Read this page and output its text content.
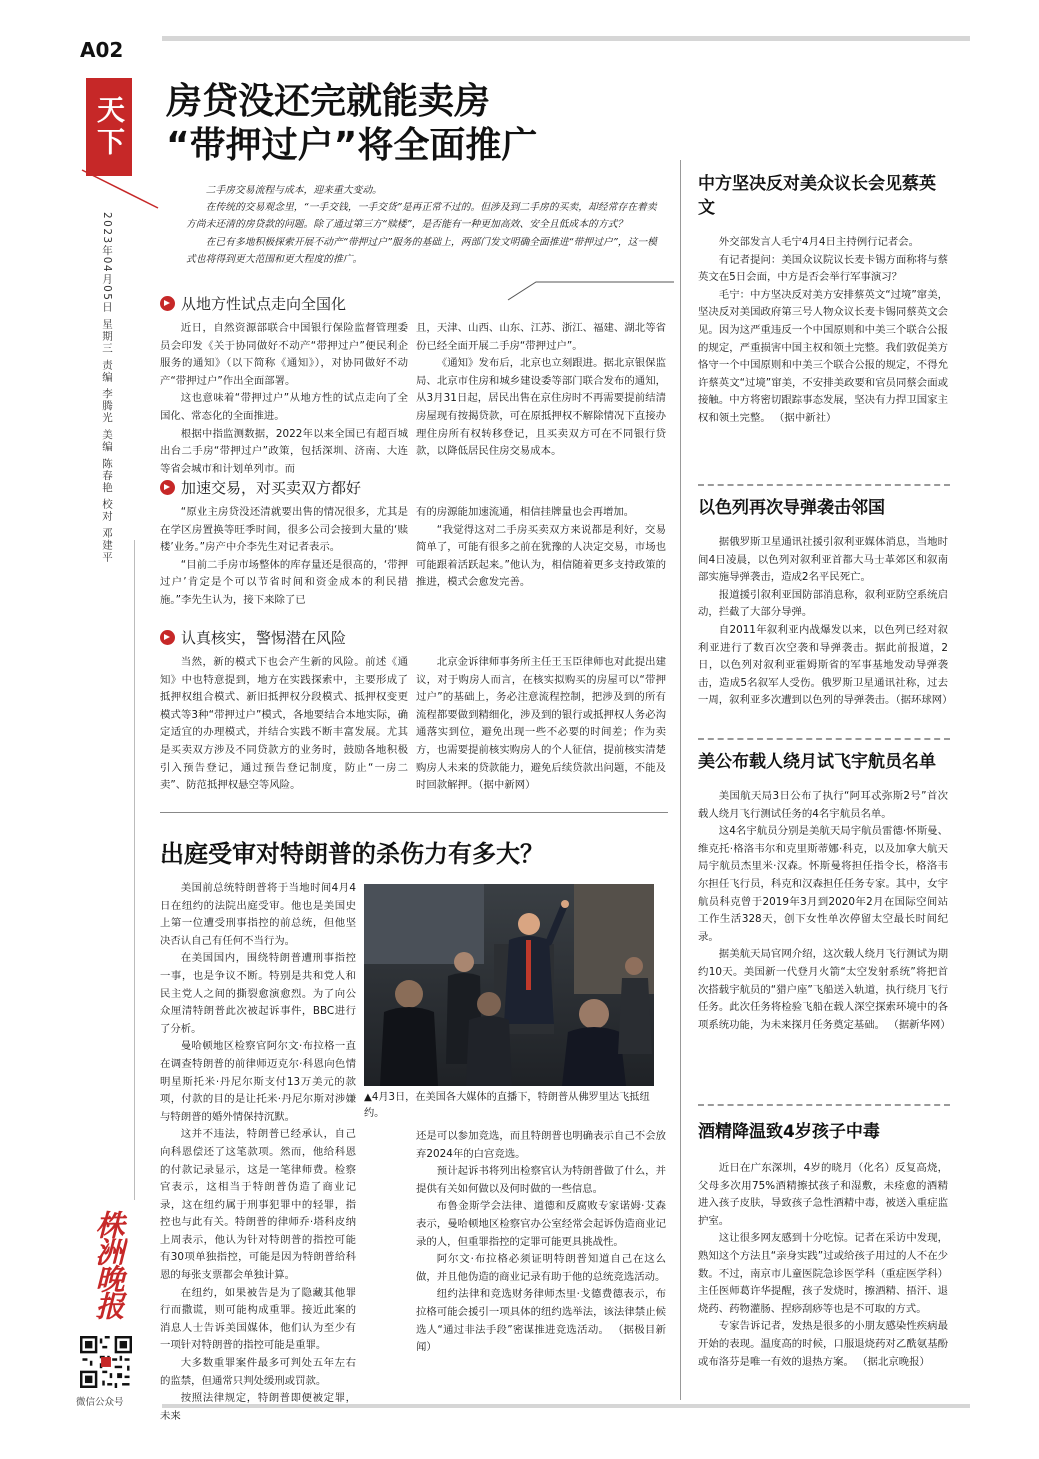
A02
天下
2023年04月05日 星期三 责编 李腾光 美编 陈春艳 校对 邓建平
株洲晚报
微信公众号
房贷没还完就能卖房
“带押过户”将全面推广

二手房交易流程与成本，迎来重大变动。

在传统的交易观念里，“一手交钱，一手交货”是再正常不过的。但涉及到二手房的买卖，却经常存在着卖方尚未还清的房贷款的问题。除了通过第三方“赎楼”，是否能有一种更加高效、安全且低成本的方式？

在已有多地积极探索开展不动产“带押过户”服务的基础上，两部门发文明确全面推进“带押过户”，这一模式也将得到更大范围和更大程度的推广。

从地方性试点走向全国化

近日，自然资源部联合中国银行保险监督管理委员会印发《关于协同做好不动产“带押过户”便民利企服务的通知》（以下简称《通知》），对协同做好不动产“带押过户”作出全面部署。

这也意味着“带押过户”从地方性的试点走向了全国化、常态化的全面推进。

根据中指监测数据，2022年以来全国已有超百城出台二手房“带押过户”政策，包括深圳、济南、大连等省会城市和计划单列市。而

且，天津、山西、山东、江苏、浙江、福建、湖北等省份已经全面开展二手房“带押过户”。

《通知》发布后，北京也立刻跟进。据北京银保监局、北京市住房和城乡建设委等部门联合发布的通知，从3月31日起，居民出售在京住房时不再需要提前结清房屋现有按揭贷款，可在原抵押权不解除情况下直接办理住房所有权转移登记，且买卖双方可在不同银行贷款，以降低居民住房交易成本。

加速交易，对买卖双方都好

“原业主房贷没还清就要出售的情况很多，尤其是在学区房置换等旺季时间，很多公司会接到大量的‘赎楼’业务。”房产中介李先生对记者表示。

“目前二手房市场整体的库存量还是很高的，‘带押过户’肯定是个可以节省时间和资金成本的利民措施。”李先生认为，接下来除了已

有的房源能加速流通，相信挂牌量也会再增加。

“我觉得这对二手房买卖双方来说都是利好，交易简单了，可能有很多之前在犹豫的人决定交易，市场也可能跟着活跃起来。”他认为，相信随着更多支持政策的推进，模式会愈发完善。

认真核实，警惕潜在风险

当然，新的模式下也会产生新的风险。前述《通知》中也特意提到，地方在实践探索中，主要形成了抵押权组合模式、新旧抵押权分段模式、抵押权变更模式等3种“带押过户”模式，各地要结合本地实际，确定适宜的办理模式，并结合实践不断丰富发展。尤其是买卖双方涉及不同贷款方的业务时，鼓励各地积极引入预告登记，通过预告登记制度，防止“一房二卖”、防范抵押权悬空等风险。

北京金诉律师事务所主任王玉臣律师也对此提出建议，对于购房人而言，在核实拟购买的房屋可以“带押过户”的基础上，务必注意流程控制，把涉及到的所有流程都要做到精细化，涉及到的银行或抵押权人务必沟通落实到位，避免出现一些不必要的时间差；作为卖方，也需要提前核实购房人的个人征信，提前核实清楚购房人未来的贷款能力，避免后续贷款出问题，不能及时回款解押。（据中新网）

出庭受审对特朗普的杀伤力有多大？

美国前总统特朗普将于当地时间4月4日在纽约的法院出庭受审。他也是美国史上第一位遭受刑事指控的前总统，但他坚决否认自己有任何不当行为。

在美国国内，围绕特朗普遭刑事指控一事，也是争议不断。特别是共和党人和民主党人之间的撕裂愈演愈烈。为了向公众厘清特朗普此次被起诉事件，BBC进行了分析。

曼哈顿地区检察官阿尔文·布拉格一直在调查特朗普的前律师迈克尔·科恩向色情明星斯托米·丹尼尔斯支付13万美元的款项，付款的目的是让托米·丹尼尔斯对涉嫌与特朗普的婚外情保持沉默。

这并不违法，特朗普已经承认，自己向科恩偿还了这笔款项。然而，他给科恩的付款记录显示，这是一笔律师费。检察官表示，这相当于特朗普伪造了商业记录，这在纽约属于刑事犯罪中的轻罪，指控也与此有关。特朗普的律师乔·塔科皮纳上周表示，他认为针对特朗普的指控可能有30项单独指控，可能是因为特朗普给科恩的每张支票都会单独计算。

在纽约，如果被告是为了隐藏其他罪行而撒谎，则可能构成重罪。接近此案的消息人士告诉美国媒体，他们认为至少有一项针对特朗普的指控可能是重罪。

大多数重罪案件最多可判处五年左右的监禁，但通常只判处缓刑或罚款。

按照法律规定，特朗普即便被定罪，未来

▲4月3日，在美国各大媒体的直播下，特朗普从佛罗里达飞抵纽约。

还是可以参加竞选，而且特朗普也明确表示自己不会放弃2024年的白宫竞选。

预计起诉书将列出检察官认为特朗普做了什么，并提供有关如何做以及何时做的一些信息。

布鲁金斯学会法律、道德和反腐败专家诺姆·艾森表示，曼哈顿地区检察官办公室经常会起诉伪造商业记录的人，但重罪指控的定罪可能更具挑战性。

阿尔文·布拉格必须证明特朗普知道自己在这么做，并且他伪造的商业记录有助于他的总统竞选活动。

纽约法律和竞选财务律师杰里·戈德费德表示，布拉格可能会援引一项具体的纽约选举法，该法律禁止候选人“通过非法手段”密谋推进竞选活动。 （据极目新闻）

中方坚决反对美众议长会见蔡英文

外交部发言人毛宁4月4日主持例行记者会。

有记者提问：美国众议院议长麦卡锡方面称将与蔡英文在5日会面，中方是否会举行军事演习？

毛宁：中方坚决反对美方安排蔡英文“过境”窜美，坚决反对美国政府第三号人物众议长麦卡锡同蔡英文会见。因为这严重违反一个中国原则和中美三个联合公报的规定，严重损害中国主权和领土完整。我们敦促美方恪守一个中国原则和中美三个联合公报的规定，不得允许蔡英文“过境”窜美，不安排美政要和官员同蔡会面或接触。中方将密切跟踪事态发展，坚决有力捍卫国家主权和领土完整。 （据中新社）

以色列再次导弹袭击邻国

据俄罗斯卫星通讯社援引叙利亚媒体消息，当地时间4日凌晨，以色列对叙利亚首都大马士革郊区和叙南部实施导弹袭击，造成2名平民死亡。

报道援引叙利亚国防部消息称，叙利亚防空系统启动，拦截了大部分导弹。

自2011年叙利亚内战爆发以来，以色列已经对叙利亚进行了数百次空袭和导弹袭击。据此前报道，2日，以色列对叙利亚霍姆斯省的军事基地发动导弹袭击，造成5名叙军人受伤。俄罗斯卫星通讯社称，过去一周，叙利亚多次遭到以色列的导弹袭击。（据环球网）

美公布载人绕月试飞宇航员名单

美国航天局3日公布了执行“阿耳忒弥斯2号”首次载人绕月飞行测试任务的4名宇航员名单。

这4名宇航员分别是美航天局宇航员雷德·怀斯曼、维克托·格洛韦尔和克里斯蒂娜·科克，以及加拿大航天局宇航员杰里米·汉森。怀斯曼将担任指令长，格洛韦尔担任飞行员，科克和汉森担任任务专家。其中，女宇航员科克曾于2019年3月到2020年2月在国际空间站工作生活328天，创下女性单次停留太空最长时间纪录。

据美航天局官网介绍，这次载人绕月飞行测试为期约10天。美国新一代登月火箭“太空发射系统”将把首次搭载宇航员的“猎户座”飞船送入轨道，执行绕月飞行任务。此次任务将检验飞船在载人深空探索环境中的各项系统功能，为未来探月任务奠定基础。 （据新华网）

酒精降温致4岁孩子中毒

近日在广东深圳，4岁的晓月（化名）反复高烧，父母多次用75%酒精擦拭孩子和湿敷，未痊愈的酒精进入孩子皮肤，导致孩子急性酒精中毒，被送入重症监护室。

这让很多网友感到十分吃惊。记者在采访中发现，熟知这个方法且“亲身实践”过或给孩子用过的人不在少数。不过，南京市儿童医院急诊医学科（重症医学科）主任医师葛许华提醒，孩子发烧时，擦酒精、捂汗、退烧药、药物灌肠、捏痧刮痧等也是不可取的方式。

专家告诉记者，发热是很多的小朋友感染性疾病最开始的表现。温度高的时候，口服退烧药对乙酰氨基酚或布洛芬是唯一有效的退热方案。 （据北京晚报）
